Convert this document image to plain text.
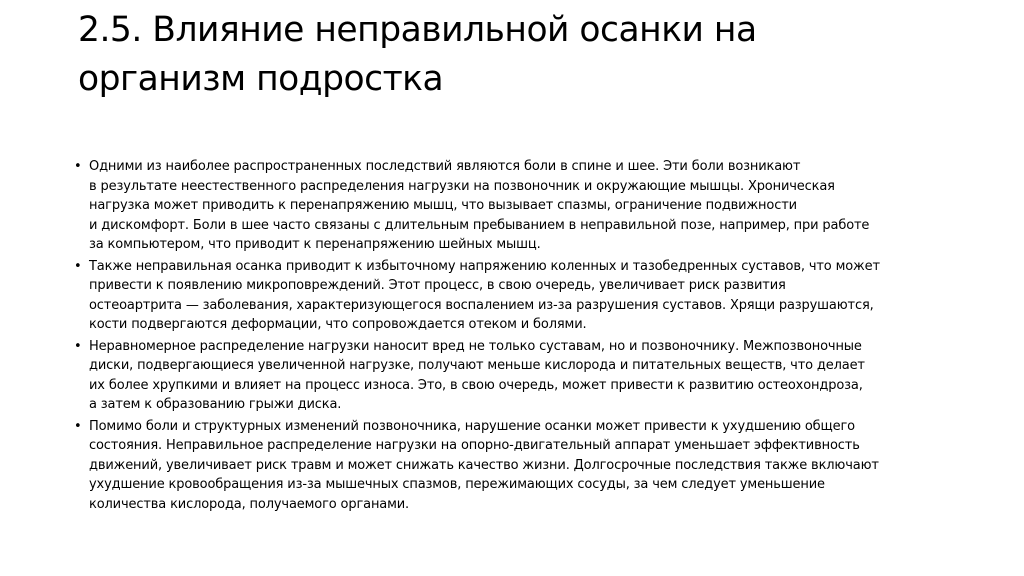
2.5. Влияние неправильной осанки на
организм подростка
• Одними из наиболее распространенных последствий являются боли в спине и шее. Эти боли возникают
в результате неестественного распределения нагрузки на позвоночник и окружающие мышцы. Хроническая
нагрузка может приводить к перенапряжению мышц, что вызывает спазмы, ограничение подвижности
и дискомфорт. Боли в шее часто связаны с длительным пребыванием в неправильной позе, например, при работе
за компьютером, что приводит к перенапряжению шейных мышц.
• Также неправильная осанка приводит к избыточному напряжению коленных и тазобедренных суставов, что может
привести к появлению микроповреждений. Этот процесс, в свою очередь, увеличивает риск развития
остеоартрита — заболевания, характеризующегося воспалением из-за разрушения суставов. Хрящи разрушаются,
кости подвергаются деформации, что сопровождается отеком и болями.
• Неравномерное распределение нагрузки наносит вред не только суставам, но и позвоночнику. Межпозвоночные
диски, подвергающиеся увеличенной нагрузке, получают меньше кислорода и питательных веществ, что делает
их более хрупкими и влияет на процесс износа. Это, в свою очередь, может привести к развитию остеохондроза,
а затем к образованию грыжи диска.
• Помимо боли и структурных изменений позвоночника, нарушение осанки может привести к ухудшению общего
состояния. Неправильное распределение нагрузки на опорно-двигательный аппарат уменьшает эффективность
движений, увеличивает риск травм и может снижать качество жизни. Долгосрочные последствия также включают
ухудшение кровообращения из-за мышечных спазмов, пережимающих сосуды, за чем следует уменьшение
количества кислорода, получаемого органами.
